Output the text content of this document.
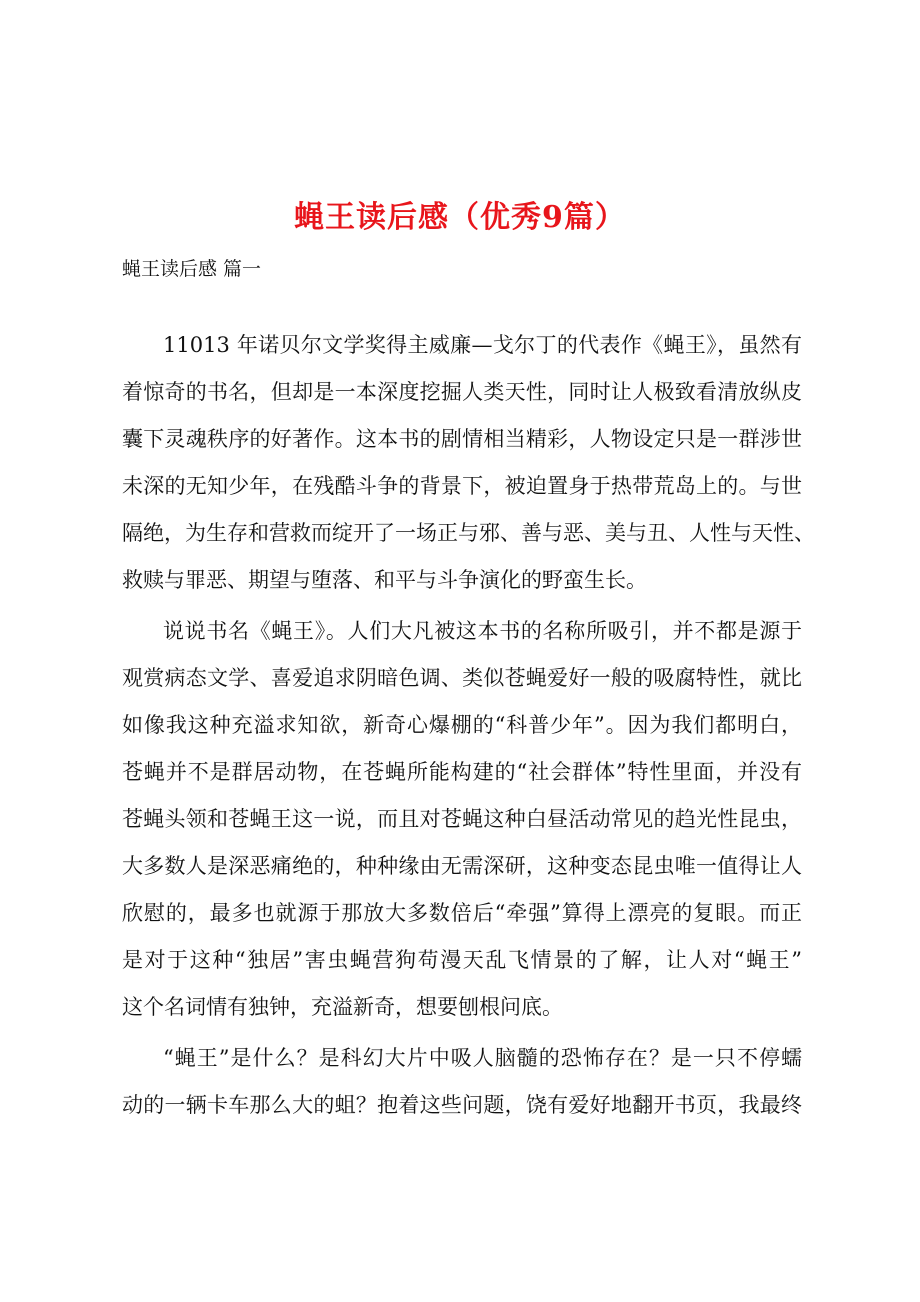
蝇王读后感（优秀9篇）
蝇王读后感 篇一
11013 年诺贝尔文学奖得主威廉—戈尔丁的代表作《蝇王》，虽然有
着惊奇的书名，但却是一本深度挖掘人类天性，同时让人极致看清放纵皮
囊下灵魂秩序的好著作。这本书的剧情相当精彩，人物设定只是一群涉世
未深的无知少年，在残酷斗争的背景下，被迫置身于热带荒岛上的。与世
隔绝，为生存和营救而绽开了一场正与邪、善与恶、美与丑、人性与天性、
救赎与罪恶、期望与堕落、和平与斗争演化的野蛮生长。
说说书名《蝇王》。人们大凡被这本书的名称所吸引，并不都是源于
观赏病态文学、喜爱追求阴暗色调、类似苍蝇爱好一般的吸腐特性，就比
如像我这种充溢求知欲，新奇心爆棚的“科普少年”。因为我们都明白，
苍蝇并不是群居动物，在苍蝇所能构建的“社会群体”特性里面，并没有
苍蝇头领和苍蝇王这一说，而且对苍蝇这种白昼活动常见的趋光性昆虫，
大多数人是深恶痛绝的，种种缘由无需深研，这种变态昆虫唯一值得让人
欣慰的，最多也就源于那放大多数倍后“牵强”算得上漂亮的复眼。而正
是对于这种“独居”害虫蝇营狗苟漫天乱飞情景的了解，让人对“蝇王”
这个名词情有独钟，充溢新奇，想要刨根问底。
“蝇王”是什么？是科幻大片中吸人脑髓的恐怖存在？是一只不停蠕
动的一辆卡车那么大的蛆？抱着这些问题，饶有爱好地翻开书页，我最终
